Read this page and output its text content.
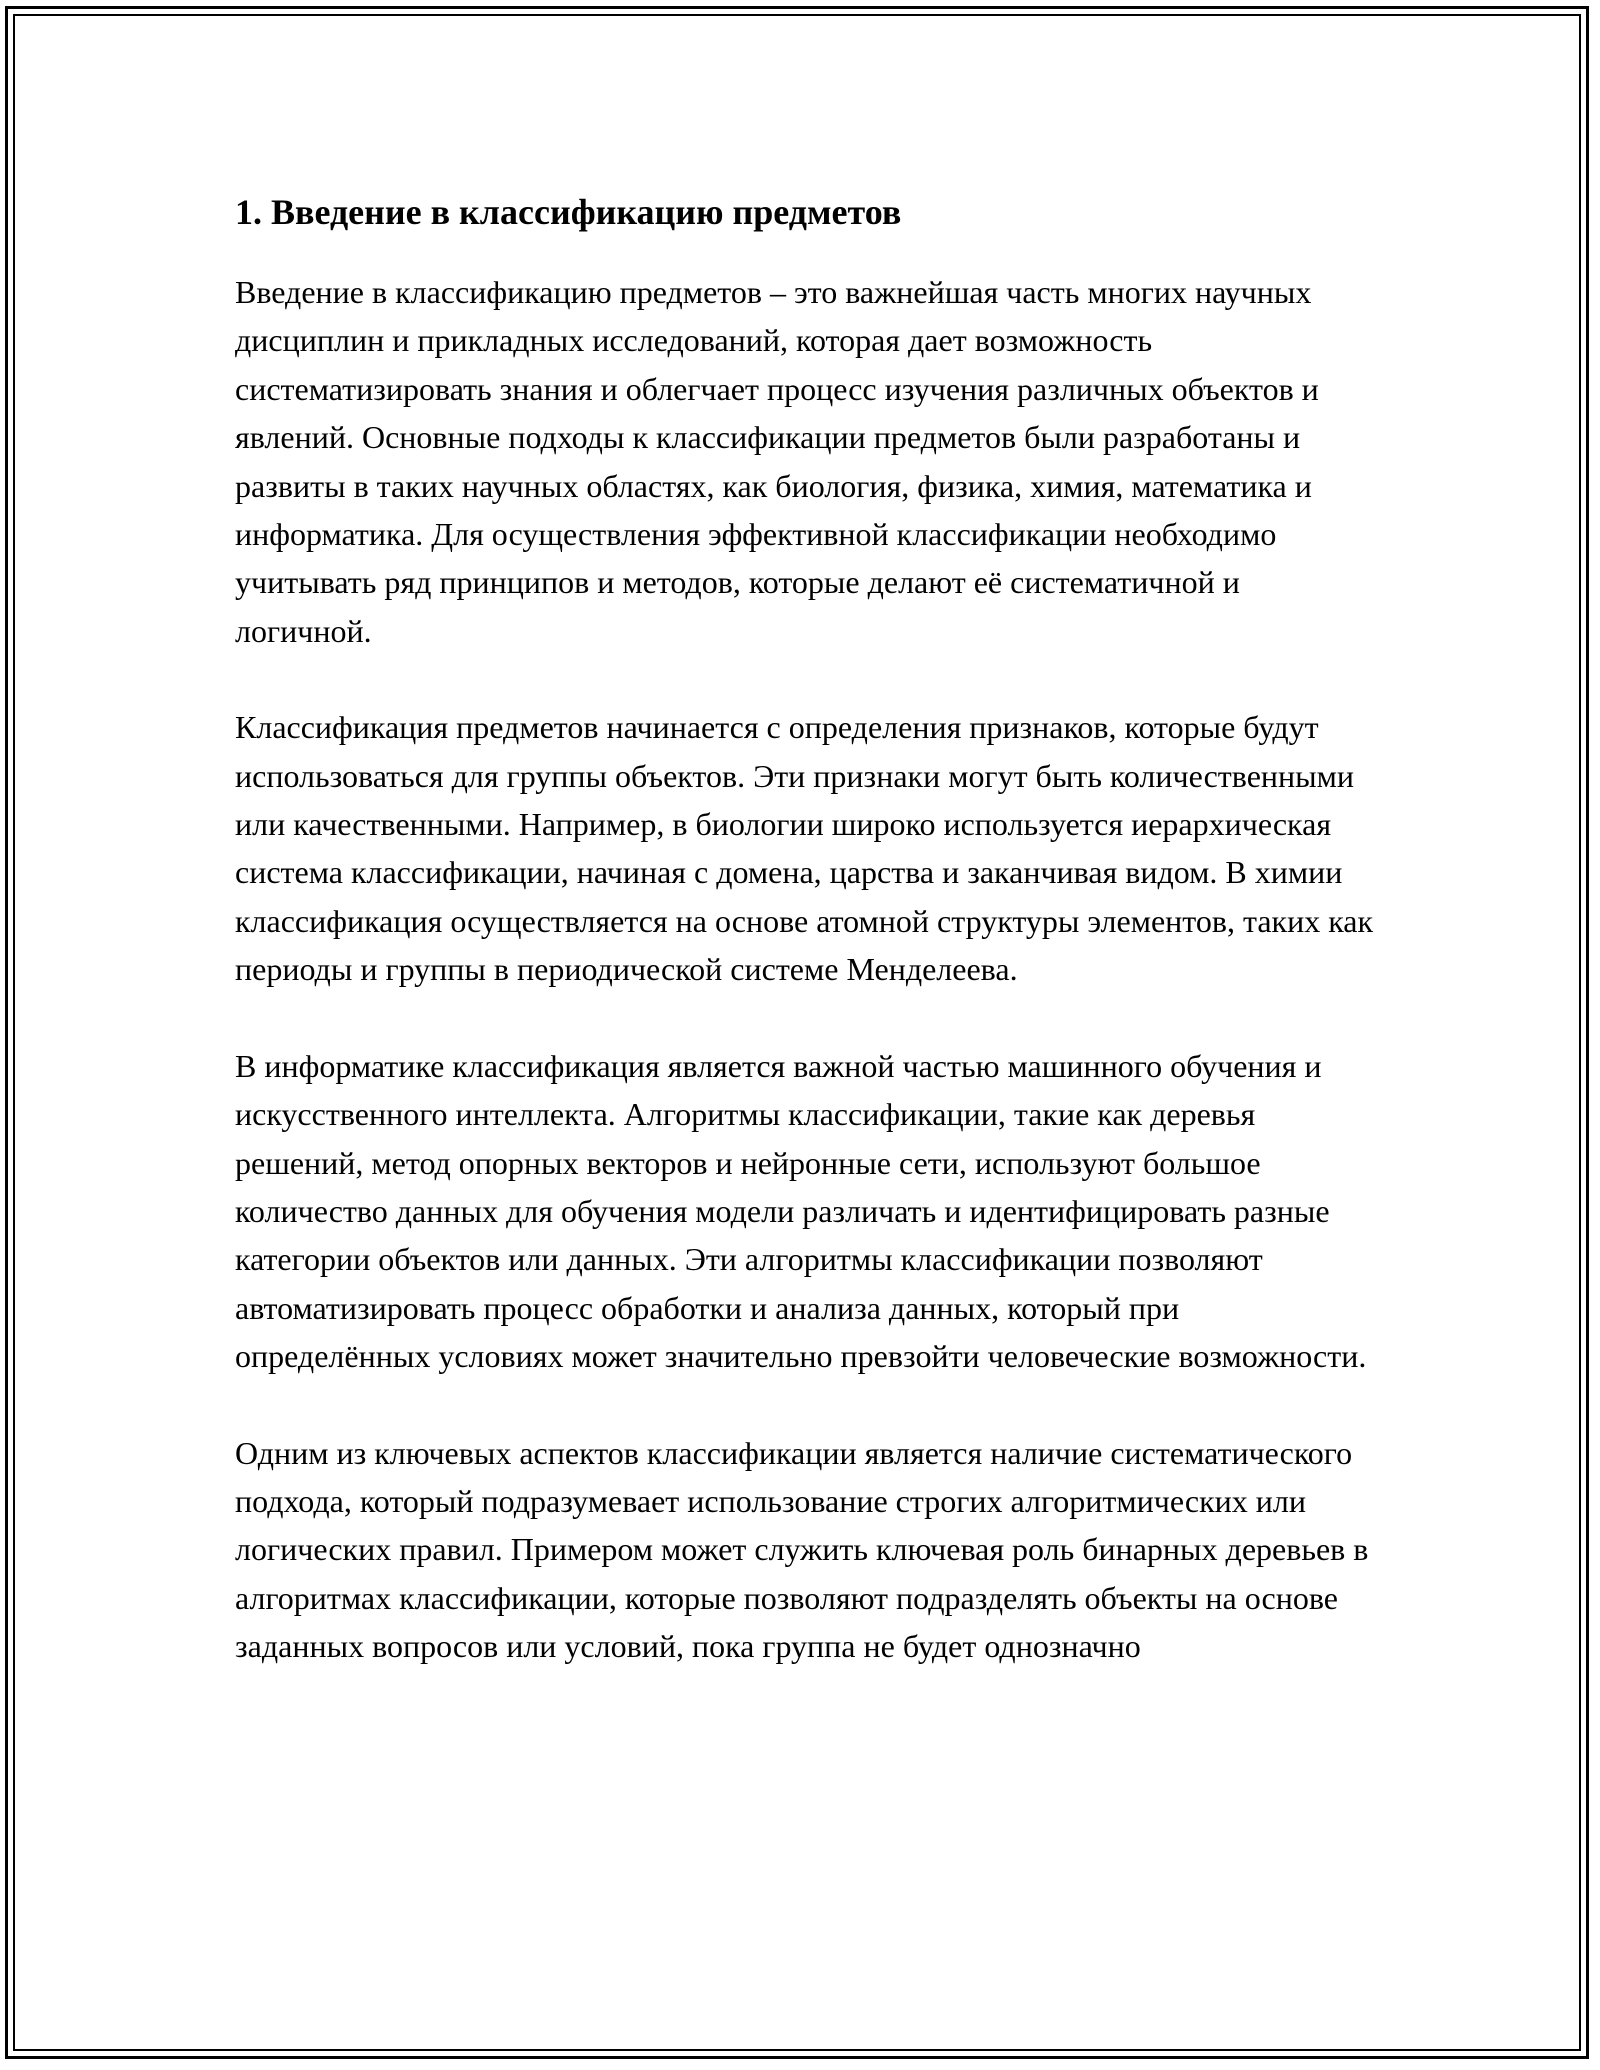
1. Введение в классификацию предметов

Введение в классификацию предметов – это важнейшая часть многих научных дисциплин и прикладных исследований, которая дает возможность систематизировать знания и облегчает процесс изучения различных объектов и явлений. Основные подходы к классификации предметов были разработаны и развиты в таких научных областях, как биология, физика, химия, математика и информатика. Для осуществления эффективной классификации необходимо учитывать ряд принципов и методов, которые делают её систематичной и логичной.

Классификация предметов начинается с определения признаков, которые будут использоваться для группы объектов. Эти признаки могут быть количественными или качественными. Например, в биологии широко используется иерархическая система классификации, начиная с домена, царства и заканчивая видом. В химии классификация осуществляется на основе атомной структуры элементов, таких как периоды и группы в периодической системе Менделеева.

В информатике классификация является важной частью машинного обучения и искусственного интеллекта. Алгоритмы классификации, такие как деревья решений, метод опорных векторов и нейронные сети, используют большое количество данных для обучения модели различать и идентифицировать разные категории объектов или данных. Эти алгоритмы классификации позволяют автоматизировать процесс обработки и анализа данных, который при определённых условиях может значительно превзойти человеческие возможности.

Одним из ключевых аспектов классификации является наличие систематического подхода, который подразумевает использование строгих алгоритмических или логических правил. Примером может служить ключевая роль бинарных деревьев в алгоритмах классификации, которые позволяют подразделять объекты на основе заданных вопросов или условий, пока группа не будет однозначно
